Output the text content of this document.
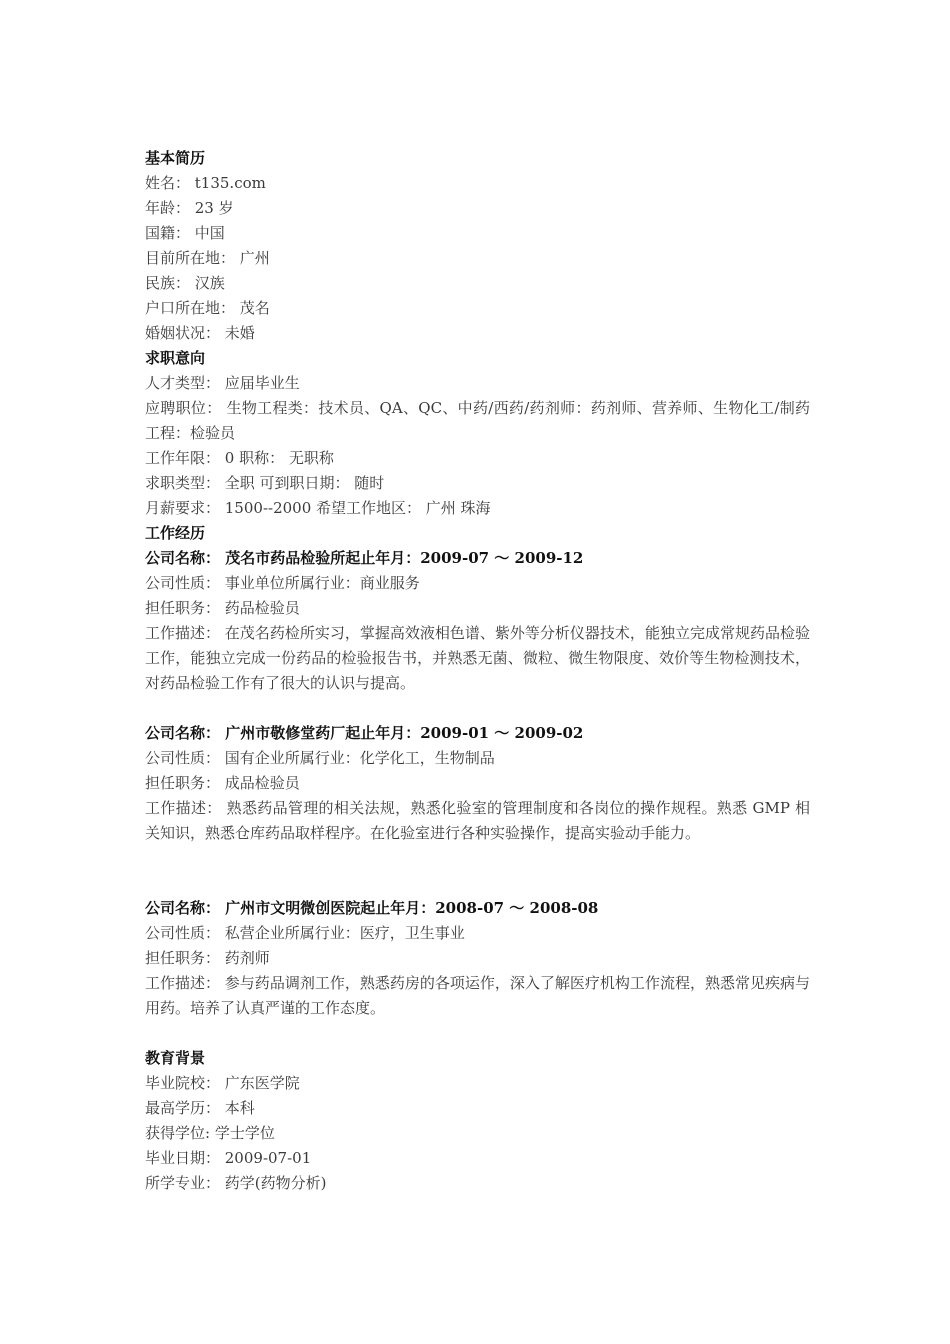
基本简历
姓名： t135.com
年龄： 23 岁
国籍： 中国
目前所在地： 广州
民族： 汉族
户口所在地： 茂名
婚姻状况： 未婚
求职意向
人才类型： 应届毕业生
应聘职位： 生物工程类：技术员、QA、QC、中药/西药/药剂师：药剂师、营养师、生物化工/制药工程：检验员
工作年限： 0 职称： 无职称
求职类型： 全职 可到职日期： 随时
月薪要求： 1500--2000 希望工作地区： 广州 珠海
工作经历
公司名称： 茂名市药品检验所起止年月：2009-07 ～ 2009-12
公司性质： 事业单位所属行业：商业服务
担任职务： 药品检验员
工作描述： 在茂名药检所实习，掌握高效液相色谱、紫外等分析仪器技术，能独立完成常规药品检验工作，能独立完成一份药品的检验报告书，并熟悉无菌、微粒、微生物限度、效价等生物检测技术，对药品检验工作有了很大的认识与提高。
公司名称： 广州市敬修堂药厂起止年月：2009-01 ～ 2009-02
公司性质： 国有企业所属行业：化学化工，生物制品
担任职务： 成品检验员
工作描述： 熟悉药品管理的相关法规，熟悉化验室的管理制度和各岗位的操作规程。熟悉 GMP 相关知识，熟悉仓库药品取样程序。在化验室进行各种实验操作，提高实验动手能力。
公司名称： 广州市文明微创医院起止年月：2008-07 ～ 2008-08
公司性质： 私营企业所属行业：医疗，卫生事业
担任职务： 药剂师
工作描述： 参与药品调剂工作，熟悉药房的各项运作，深入了解医疗机构工作流程，熟悉常见疾病与用药。培养了认真严谨的工作态度。
教育背景
毕业院校： 广东医学院
最高学历： 本科
获得学位: 学士学位
毕业日期： 2009-07-01
所学专业： 药学(药物分析)
